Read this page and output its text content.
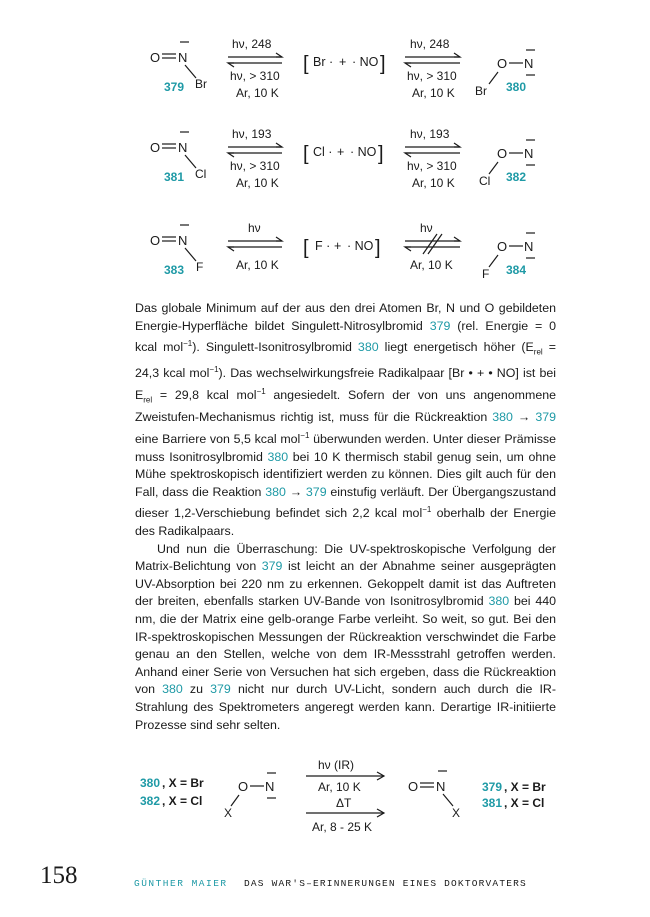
O N
Br
379
hν, 248
hν, > 310
Ar, 10 K
[ Br · + · NO ]
hν, 248
hν, > 310
Ar, 10 K
O N
Br 380
O N
Cl
381
hν, 193
hν, > 310
Ar, 10 K
[ Cl · + · NO ]
hν, 193
hν, > 310
Ar, 10 K
O N
Cl 382
O N
F
383
hν
Ar, 10 K
[ F · + · NO ]
hν
Ar, 10 K
O N
F 384

Das globale Minimum auf der aus den drei Atomen Br, N und O gebildeten Energie-Hyperfläche bildet Singulett-Nitrosylbromid 379 (rel. Energie = 0 kcal mol$^{-1}$). Singulett-Isonitrosylbromid 380 liegt energetisch höher ($E_{rel} = 24,3$ kcal mol$^{-1}$). Das wechselwirkungsfreie Radikalpaar [Br • + • NO] ist bei $E_{rel} = 29,8$ kcal mol$^{-1}$ angesiedelt. Sofern der von uns angenommene Zweistufen-Mechanismus richtig ist, muss für die Rückreaktion 380 → 379 eine Barriere von 5,5 kcal mol$^{-1}$ überwunden werden. Unter dieser Prämisse muss Isonitrosylbromid 380 bei 10 K thermisch stabil genug sein, um ohne Mühe spektroskopisch identifiziert werden zu können. Dies gilt auch für den Fall, dass die Reaktion 380 → 379 einstufig verläuft. Der Übergangszustand dieser 1,2-Verschiebung befindet sich 2,2 kcal mol$^{-1}$ oberhalb der Energie des Radikalpaars.

Und nun die Überraschung: Die UV-spektroskopische Verfolgung der Matrix-Belichtung von 379 ist leicht an der Abnahme seiner ausgeprägten UV-Absorption bei 220 nm zu erkennen. Gekoppelt damit ist das Auftreten der breiten, ebenfalls starken UV-Bande von Isonitrosylbromid 380 bei 440 nm, die der Matrix eine gelb-orange Farbe verleiht. So weit, so gut. Bei den IR-spektroskopischen Messungen der Rückreaktion verschwindet die Farbe genau an den Stellen, welche von dem IR-Messstrahl getroffen werden. Anhand einer Serie von Versuchen hat sich ergeben, dass die Rückreaktion von 380 zu 379 nicht nur durch UV-Licht, sondern auch durch die IR-Strahlung des Spektrometers angeregt werden kann. Derartige IR-initiierte Prozesse sind sehr selten.

380 , X = Br
382 , X = Cl
O N
X
hν (IR)
Ar, 10 K
ΔT
Ar, 8 - 25 K
O N
X
379 , X = Br
381 , X = Cl
158	GÜNTHER MAIER DAS WAR'S–ERINNERUNGEN EINES DOKTORVATERS
